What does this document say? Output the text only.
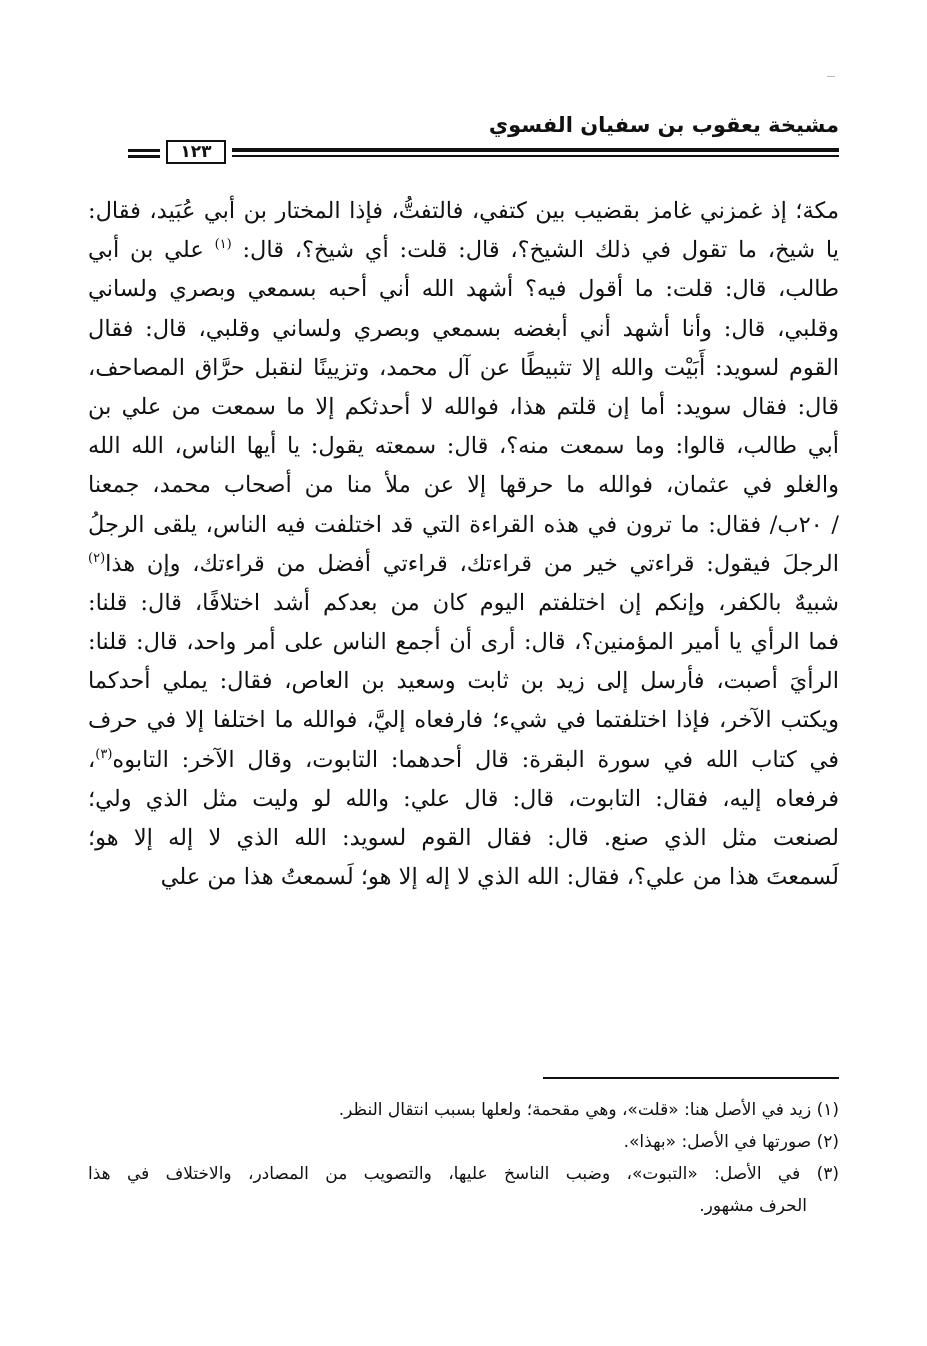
مشيخة يعقوب بن سفيان الفسوي
١٢٣
مكة؛ إذ غمزني غامز بقضيب بين كتفي، فالتفتُّ، فإذا المختار بن أبي عُبَيد، فقال:
يا شيخ، ما تقول في ذلك الشيخ؟، قال: قلت: أي شيخ؟، قال: $^{(١)}$ علي بن أبي
طالب، قال: قلت: ما أقول فيه؟ أشهد الله أني أحبه بسمعي وبصري ولساني
وقلبي، قال: وأنا أشهد أني أبغضه بسمعي وبصري ولساني وقلبي، قال: فقال
القوم لسويد: أَبَيْت والله إلا تثبيطًا عن آل محمد، وتزيينًا لنقبل حرَّاق المصاحف،
قال: فقال سويد: أما إن قلتم هذا، فوالله لا أحدثكم إلا ما سمعت من علي بن
أبي طالب، قالوا: وما سمعت منه؟، قال: سمعته يقول: يا أيها الناس، الله الله
والغلو في عثمان، فوالله ما حرقها إلا عن ملأ منا من أصحاب محمد، جمعنا
/ ٢٠ب/ فقال: ما ترون في هذه القراءة التي قد اختلفت فيه الناس، يلقى الرجلُ
الرجلَ فيقول: قراءتي خير من قراءتك، قراءتي أفضل من قراءتك، وإن هذا$^{(٢)}$
شبيهٌ بالكفر، وإنكم إن اختلفتم اليوم كان من بعدكم أشد اختلافًا، قال: قلنا:
فما الرأي يا أمير المؤمنين؟، قال: أرى أن أجمع الناس على أمر واحد، قال: قلنا:
الرأيَ أصبت، فأرسل إلى زيد بن ثابت وسعيد بن العاص، فقال: يملي أحدكما
ويكتب الآخر، فإذا اختلفتما في شيء؛ فارفعاه إليَّ، فوالله ما اختلفا إلا في حرف
في كتاب الله في سورة البقرة: قال أحدهما: التابوت، وقال الآخر: التابوه$^{(٣)}$،
فرفعاه إليه، فقال: التابوت، قال: قال علي: والله لو وليت مثل الذي ولي؛
لصنعت مثل الذي صنع. قال: فقال القوم لسويد: الله الذي لا إله إلا هو؛
لَسمعتَ هذا من علي؟، فقال: الله الذي لا إله إلا هو؛ لَسمعتُ هذا من علي
(١) زيد في الأصل هنا: «قلت»، وهي مقحمة؛ ولعلها بسبب انتقال النظر.
(٢) صورتها في الأصل: «بهذا».
(٣) في الأصل: «التبوت»، وضبب الناسخ عليها، والتصويب من المصادر، والاختلاف في هذا
الحرف مشهور.
